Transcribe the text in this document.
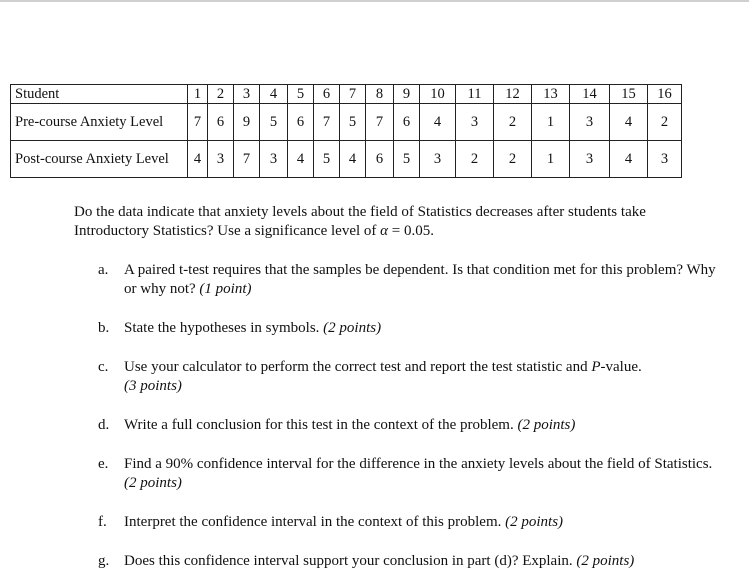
Student	1	2	3	4	5	6	7	8	9	10	11	12	13	14	15	16
Pre-course Anxiety Level	7	6	9	5	6	7	5	7	6	4	3	2	1	3	4	2
Post-course Anxiety Level	4	3	7	3	4	5	4	6	5	3	2	2	1	3	4	3
Do the data indicate that anxiety levels about the field of Statistics decreases after students take
Introductory Statistics? Use a significance level of α = 0.05.
a.	A paired t-test requires that the samples be dependent. Is that condition met for this problem? Why or why not? (1 point)
b. State the hypotheses in symbols. (2 points)
c.	Use your calculator to perform the correct test and report the test statistic and P-value.
(3 points)
d. Write a full conclusion for this test in the context of the problem. (2 points)
e.	Find a 90% confidence interval for the difference in the anxiety levels about the field of Statistics. (2 points)
f.	Interpret the confidence interval in the context of this problem. (2 points)
g. Does this confidence interval support your conclusion in part (d)? Explain. (2 points)
